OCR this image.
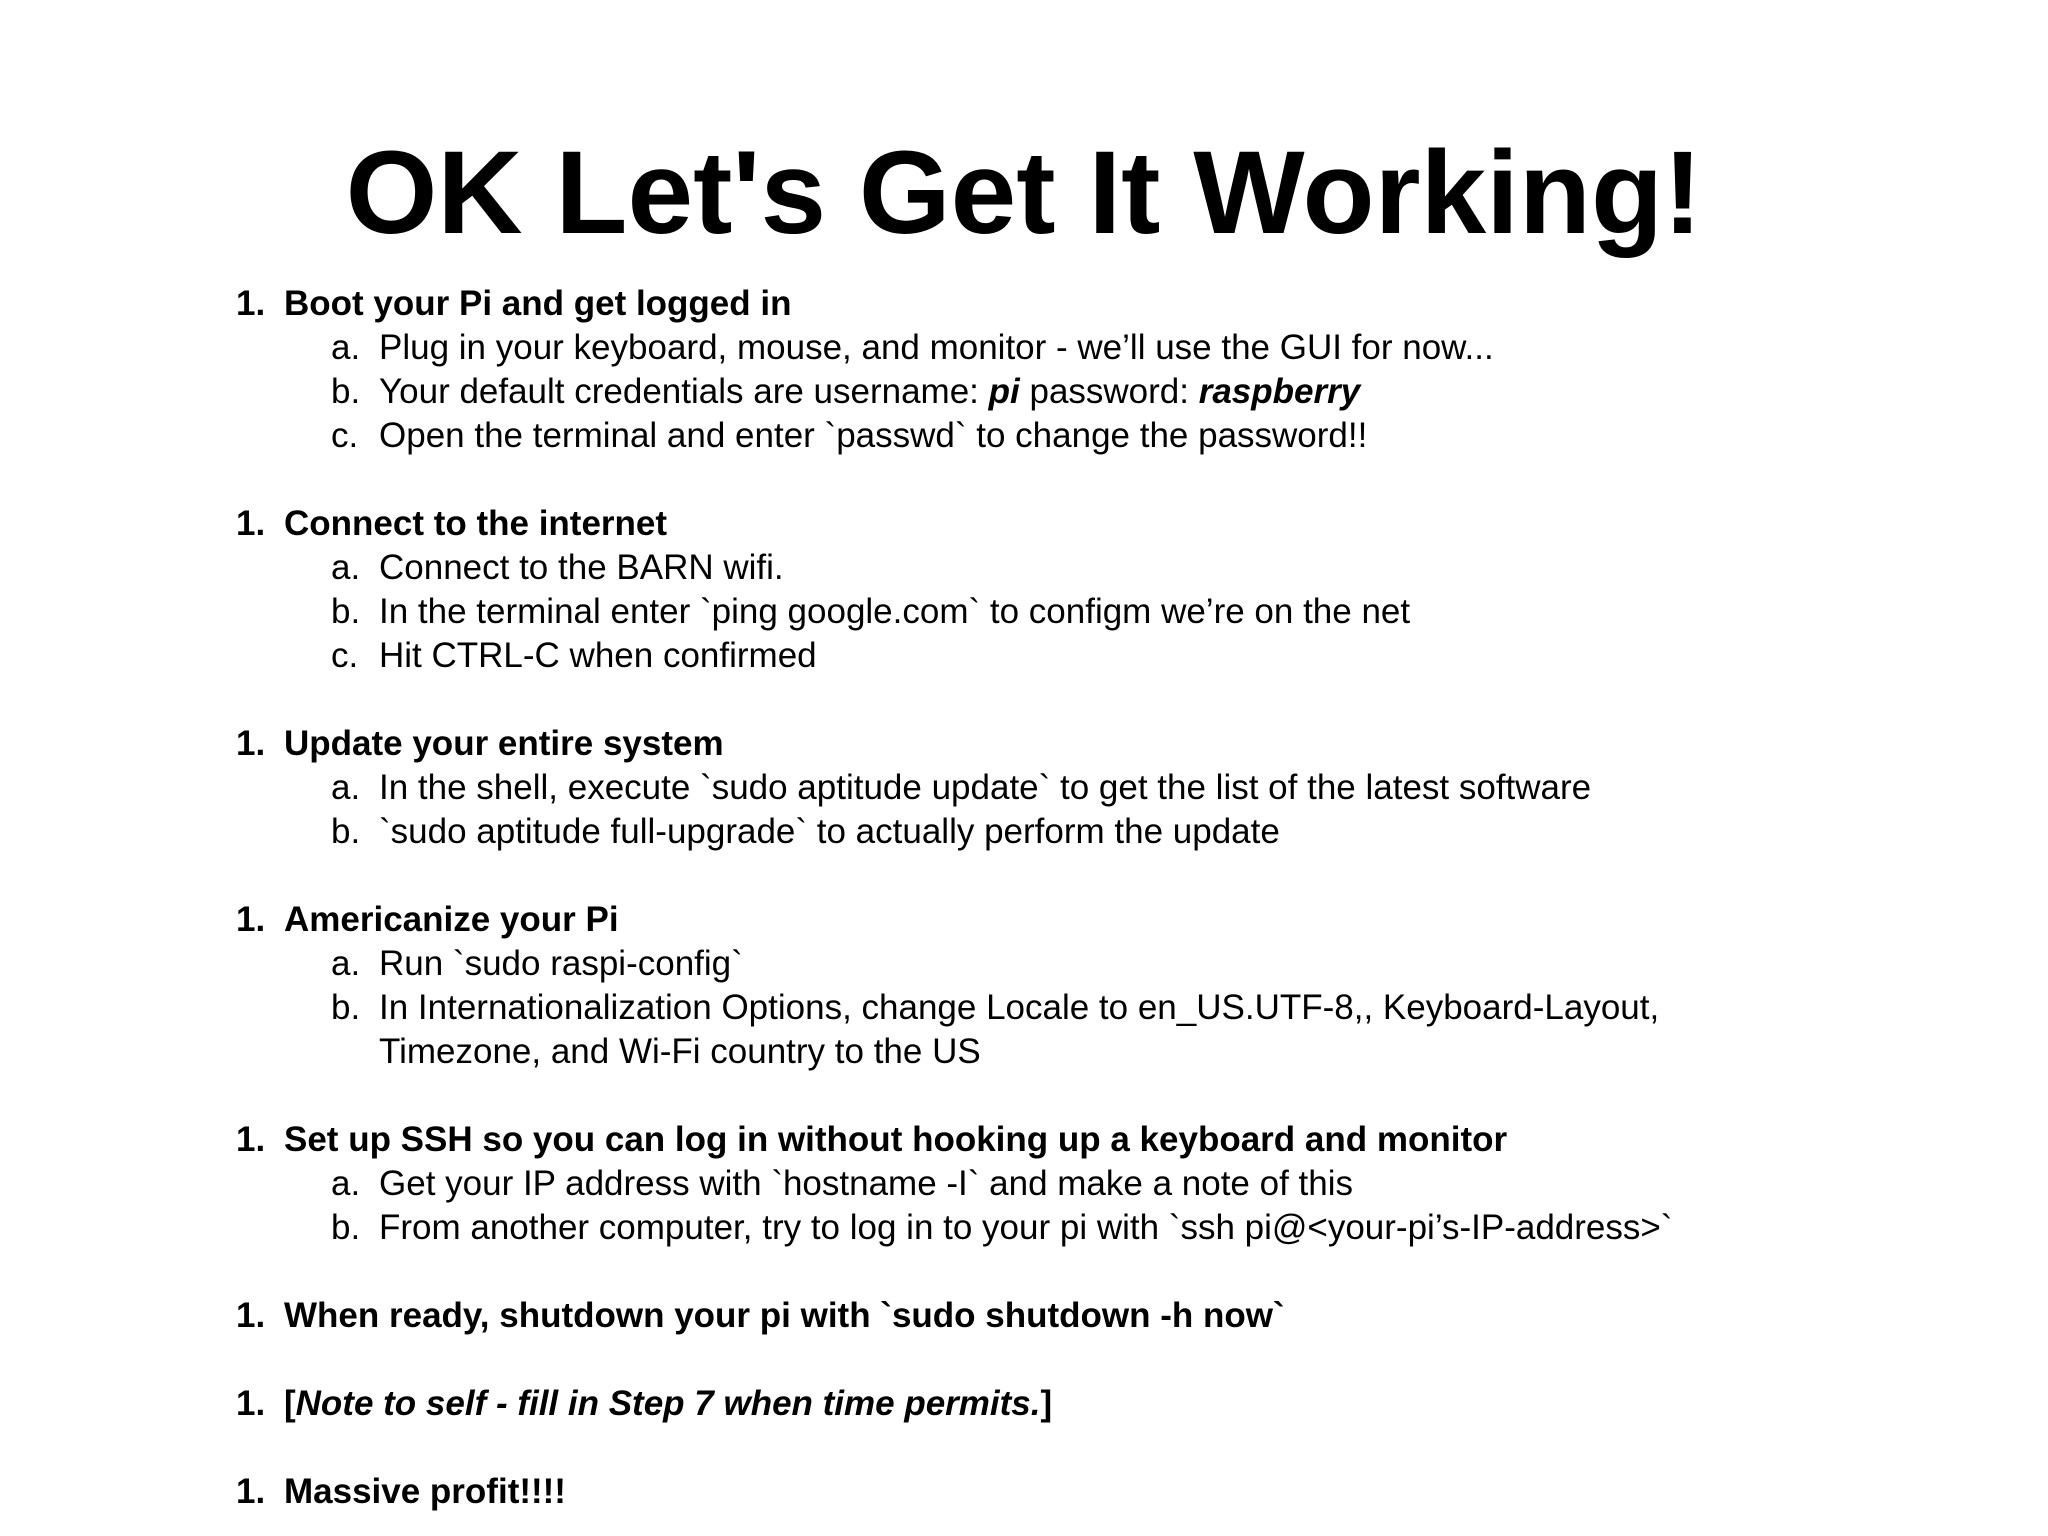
OK Let's Get It Working!
1. Boot your Pi and get logged in
a. Plug in your keyboard, mouse, and monitor - we’ll use the GUI for now...
b. Your default credentials are username: pi password: raspberry
c. Open the terminal and enter `passwd` to change the password!!
1. Connect to the internet
a. Connect to the BARN wifi.
b. In the terminal enter `ping google.com` to configm we’re on the net
c. Hit CTRL-C when confirmed
1. Update your entire system
a. In the shell, execute `sudo aptitude update` to get the list of the latest software
b. `sudo aptitude full-upgrade` to actually perform the update
1. Americanize your Pi
a. Run `sudo raspi-config`
b. In Internationalization Options, change Locale to en_US.UTF-8,, Keyboard-Layout,
Timezone, and Wi-Fi country to the US
1. Set up SSH so you can log in without hooking up a keyboard and monitor
a. Get your IP address with `hostname -I` and make a note of this
b. From another computer, try to log in to your pi with `ssh pi@<your-pi’s-IP-address>`
1. When ready, shutdown your pi with `sudo shutdown -h now`
1. [Note to self - fill in Step 7 when time permits.]
1. Massive profit!!!!
